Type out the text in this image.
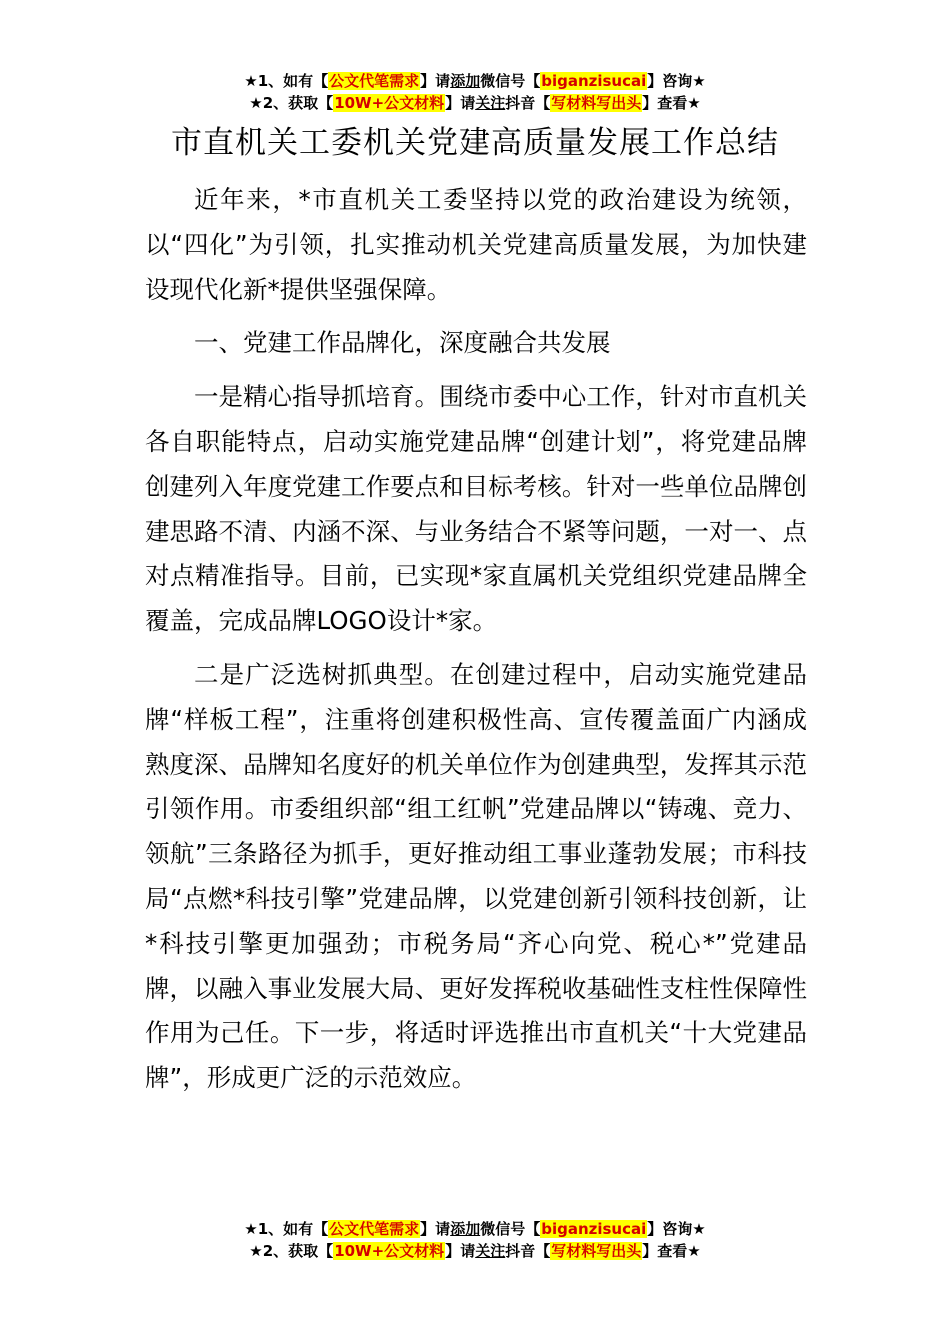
★1、如有【公文代笔需求】请添加微信号【biganzisucai】咨询★
★2、获取【10W+公文材料】请关注抖音【写材料写出头】查看★
市直机关工委机关党建高质量发展工作总结

近年来，*市直机关工委坚持以党的政治建设为统领，以“四化”为引领，扎实推动机关党建高质量发展，为加快建设现代化新*提供坚强保障。

一、党建工作品牌化，深度融合共发展

一是精心指导抓培育。围绕市委中心工作，针对市直机关各自职能特点，启动实施党建品牌“创建计划”，将党建品牌创建列入年度党建工作要点和目标考核。针对一些单位品牌创建思路不清、内涵不深、与业务结合不紧等问题，一对一、点对点精准指导。目前，已实现*家直属机关党组织党建品牌全覆盖，完成品牌LOGO设计*家。

二是广泛选树抓典型。在创建过程中，启动实施党建品牌“样板工程”，注重将创建积极性高、宣传覆盖面广内涵成熟度深、品牌知名度好的机关单位作为创建典型，发挥其示范引领作用。市委组织部“组工红帆”党建品牌以“铸魂、竞力、领航”三条路径为抓手，更好推动组工事业蓬勃发展；市科技局“点燃*科技引擎”党建品牌，以党建创新引领科技创新，让*科技引擎更加强劲；市税务局“齐心向党、税心*”党建品牌，以融入事业发展大局、更好发挥税收基础性支柱性保障性作用为己任。下一步，将适时评选推出市直机关“十大党建品牌”，形成更广泛的示范效应。

★1、如有【公文代笔需求】请添加微信号【biganzisucai】咨询★
★2、获取【10W+公文材料】请关注抖音【写材料写出头】查看★
